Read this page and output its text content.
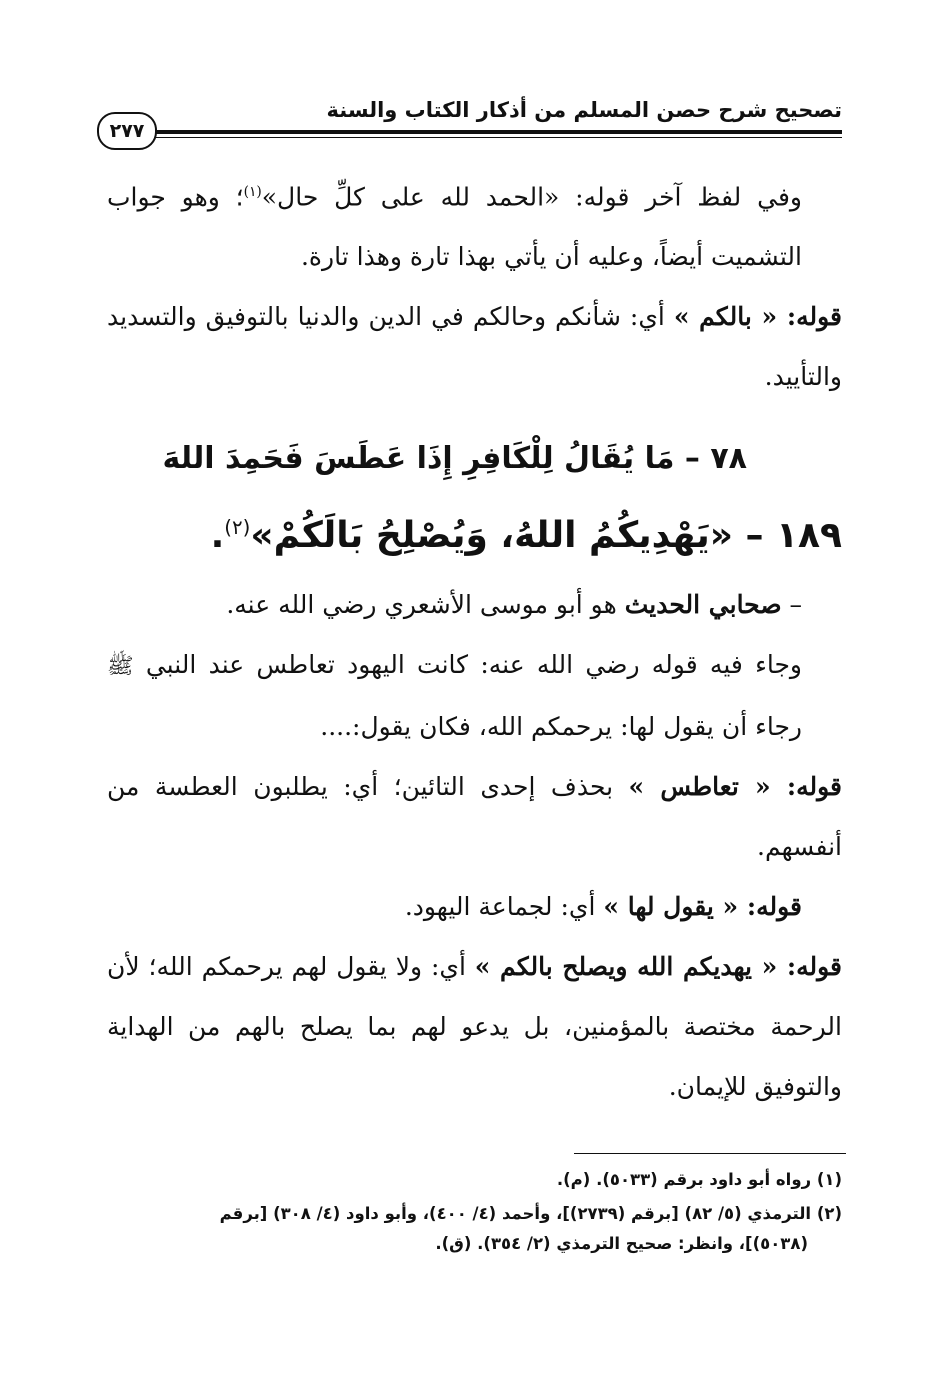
تصحيح شرح حصن المسلم من أذكار الكتاب والسنة
٢٧٧

وفي لفظ آخر قوله: «الحمد لله على كلِّ حال»$^{(١)}$؛ وهو جواب التشميت أيضاً، وعليه أن يأتي بهذا تارة وهذا تارة.

قوله: « بالكم » أي: شأنكم وحالكم في الدين والدنيا بالتوفيق والتسديد والتأييد.

٧٨ – مَا يُقَالُ لِلْكَافِرِ إِذَا عَطَسَ فَحَمِدَ اللهَ
١٨٩ – «يَهْدِيكُمُ اللهُ، وَيُصْلِحُ بَالَكُمْ»$^{(٢)}$.

– صحابي الحديث هو أبو موسى الأشعري رضي الله عنه.

وجاء فيه قوله رضي الله عنه: كانت اليهود تعاطس عند النبي ﷺ رجاء أن يقول لها: يرحمكم الله، فكان يقول:....

قوله: « تعاطس » بحذف إحدى التائين؛ أي: يطلبون العطسة من أنفسهم.

قوله: « يقول لها » أي: لجماعة اليهود.

قوله: « يهديكم الله ويصلح بالكم » أي: ولا يقول لهم يرحمكم الله؛ لأن الرحمة مختصة بالمؤمنين، بل يدعو لهم بما يصلح بالهم من الهداية والتوفيق للإيمان.

(١) رواه أبو داود برقم (٥٠٣٣). (م).

(٢) الترمذي (٥/ ٨٢) [برقم (٢٧٣٩)]، وأحمد (٤/ ٤٠٠)، وأبو داود (٤/ ٣٠٨) [برقم
(٥٠٣٨)]، وانظر: صحيح الترمذي (٢/ ٣٥٤). (ق).
